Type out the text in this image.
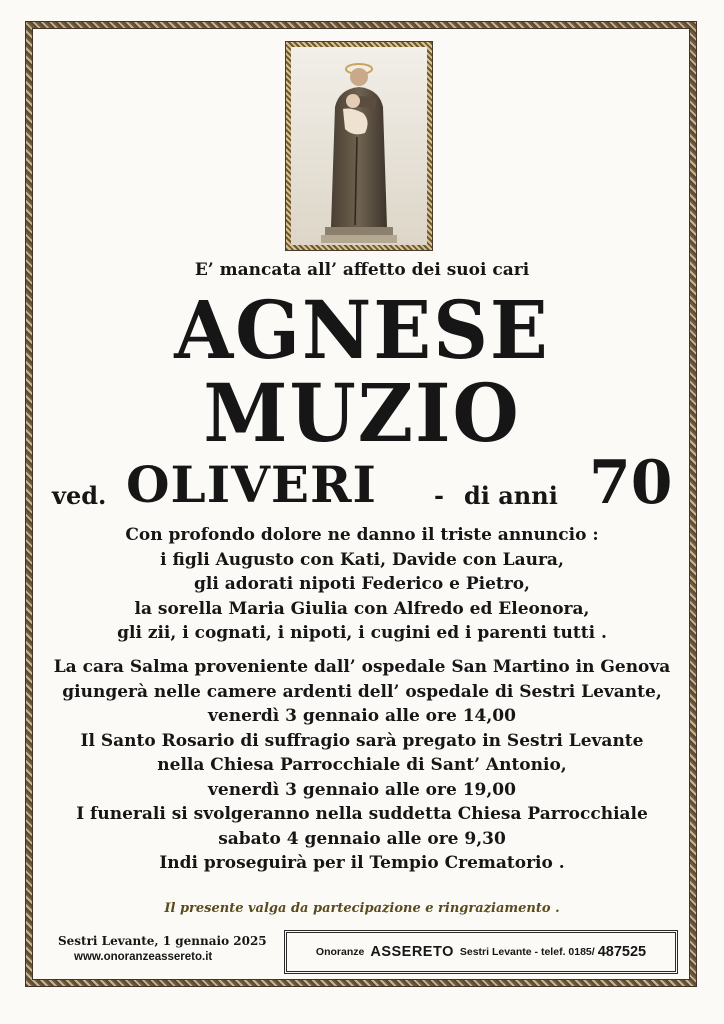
E’ mancata all’ affetto dei suoi cari
AGNESE
MUZIO
ved. OLIVERI - di anni 70
Con profondo dolore ne danno il triste annuncio :
i figli Augusto con Kati, Davide con Laura,
gli adorati nipoti Federico e Pietro,
la sorella Maria Giulia con Alfredo ed Eleonora,
gli zii, i cognati, i nipoti, i cugini ed i parenti tutti .
La cara Salma proveniente dall’ ospedale San Martino in Genova
giungerà nelle camere ardenti dell’ ospedale di Sestri Levante,
venerdì 3 gennaio alle ore 14,00
Il Santo Rosario di suffragio sarà pregato in Sestri Levante
nella Chiesa Parrocchiale di Sant’ Antonio,
venerdì 3 gennaio alle ore 19,00
I funerali si svolgeranno nella suddetta Chiesa Parrocchiale
sabato 4 gennaio alle ore 9,30
Indi proseguirà per il Tempio Crematorio .
Il presente valga da partecipazione e ringraziamento .
Sestri Levante, 1 gennaio 2025
www.onoranzeassereto.it	Onoranze ASSERETO Sestri Levante - telef. 0185/ 487525
